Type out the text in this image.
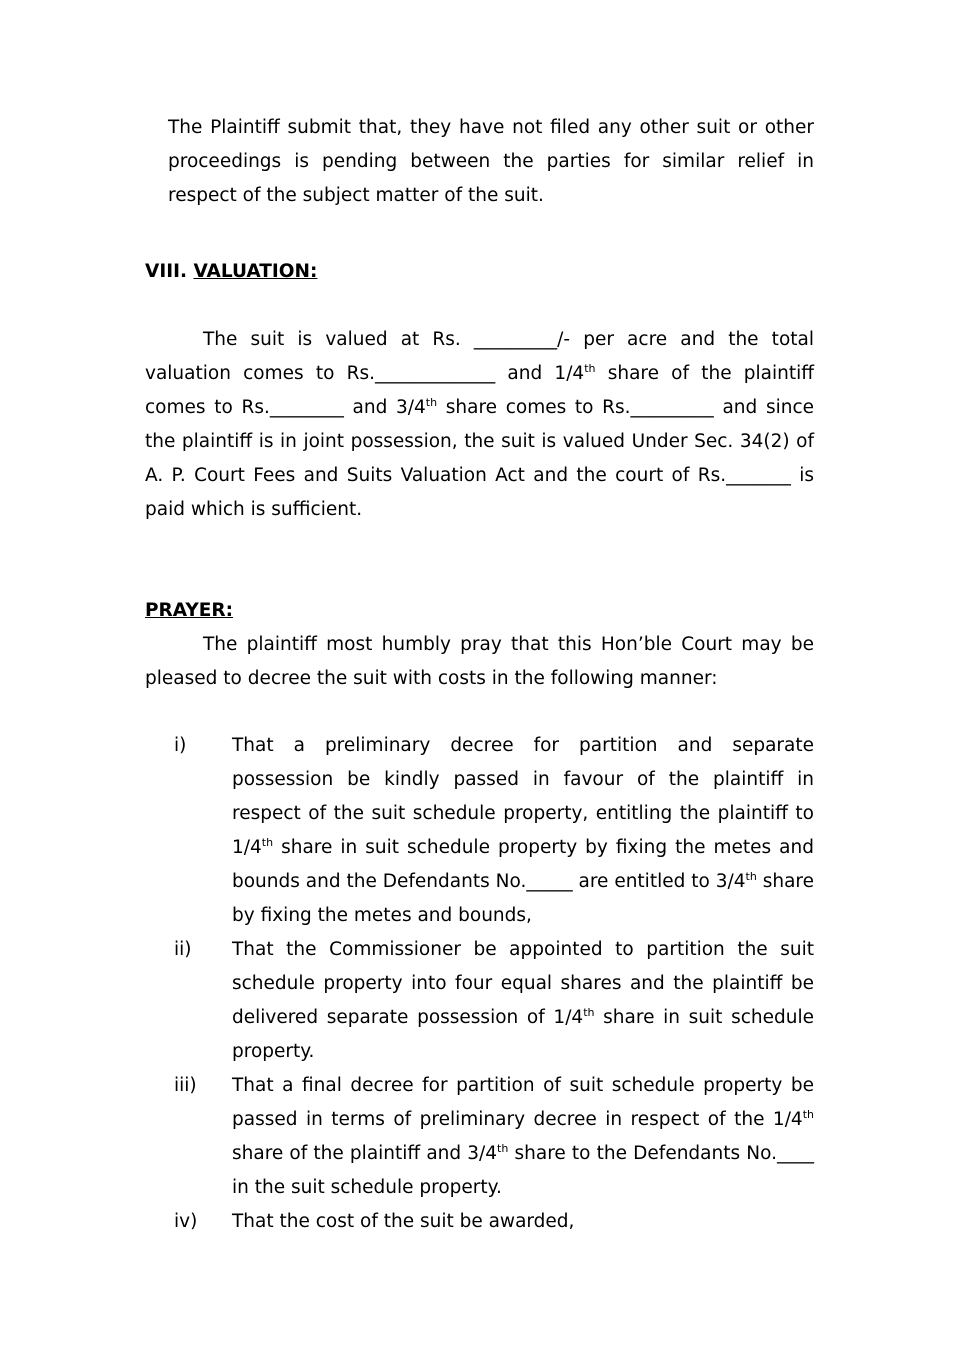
The Plaintiff submit that, they have not filed any other suit or other proceedings is pending between the parties for similar relief in respect of the subject matter of the suit.

VIII. VALUATION:

The suit is valued at Rs. _________/- per acre and the total valuation comes to Rs._____________ and 1/4th share of the plaintiff comes to Rs.________ and 3/4th share comes to Rs._________ and since the plaintiff is in joint possession, the suit is valued Under Sec. 34(2) of A. P. Court Fees and Suits Valuation Act and the court of Rs._______ is paid which is sufficient.

PRAYER:

The plaintiff most humbly pray that this Hon’ble Court may be pleased to decree the suit with costs in the following manner:

i) That a preliminary decree for partition and separate possession be kindly passed in favour of the plaintiff in respect of the suit schedule property, entitling the plaintiff to 1/4th share in suit schedule property by fixing the metes and bounds and the Defendants No._____ are entitled to 3/4th share by fixing the metes and bounds,

ii) That the Commissioner be appointed to partition the suit schedule property into four equal shares and the plaintiff be delivered separate possession of 1/4th share in suit schedule property.

iii) That a final decree for partition of suit schedule property be passed in terms of preliminary decree in respect of the 1/4th share of the plaintiff and 3/4th share to the Defendants No.____ in the suit schedule property.

iv) That the cost of the suit be awarded,
